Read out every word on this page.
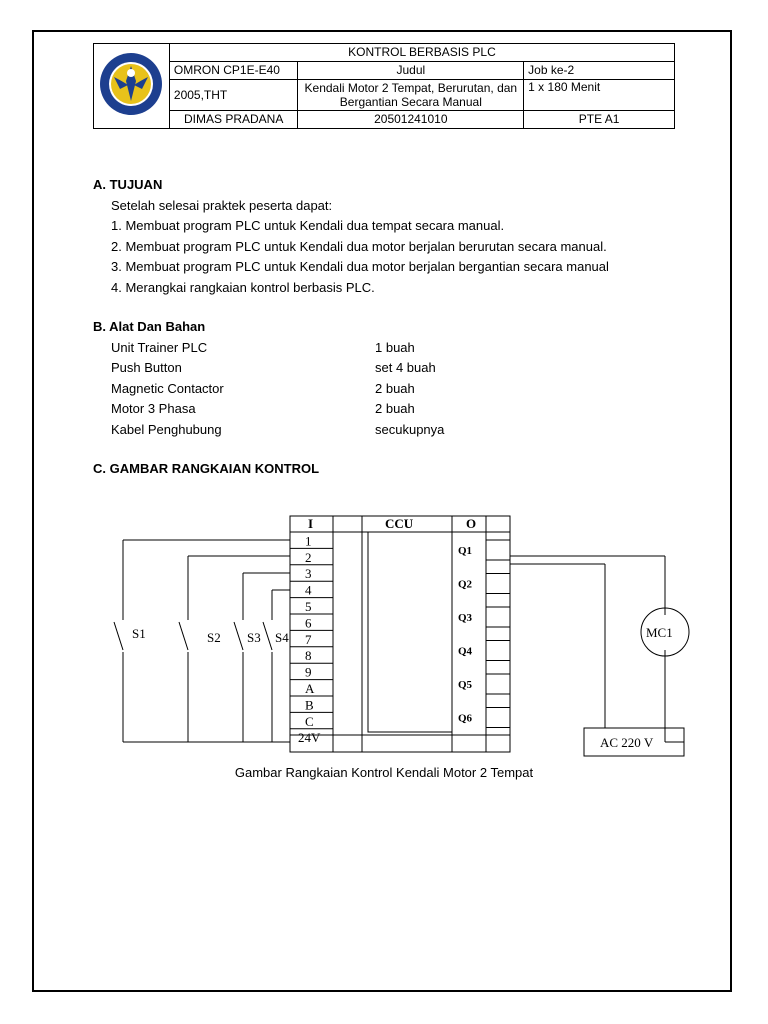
	KONTROL BERBASIS PLC		
	OMRON CP1E-E40	Judul	Job ke-2
	2005,THT	Kendali Motor 2 Tempat, Berurutan, dan Bergantian Secara Manual	1 x 180 Menit
	DIMAS PRADANA	20501241010	PTE A1
A. TUJUAN
Setelah selesai praktek peserta dapat:
1. Membuat program PLC untuk Kendali dua tempat secara manual.
2. Membuat program PLC untuk Kendali dua motor berjalan berurutan secara manual.
3. Membuat program PLC untuk Kendali dua motor berjalan bergantian secara manual
4. Merangkai rangkaian kontrol berbasis PLC.
B. Alat Dan Bahan
Unit Trainer PLC	1 buah
Push Button	set 4 buah
Magnetic Contactor	2 buah
Motor 3 Phasa	2 buah
Kabel Penghubung	secukupnya
C. GAMBAR RANGKAIAN KONTROL
I	CCU	O
1
2
3
4
5
6
7
8
9
A
B
C
24V
Q1
Q2
Q3
Q4
Q5
Q6
S1	S2 S3 S4	MC1
AC 220 V
Gambar Rangkaian Kontrol Kendali Motor 2 Tempat
